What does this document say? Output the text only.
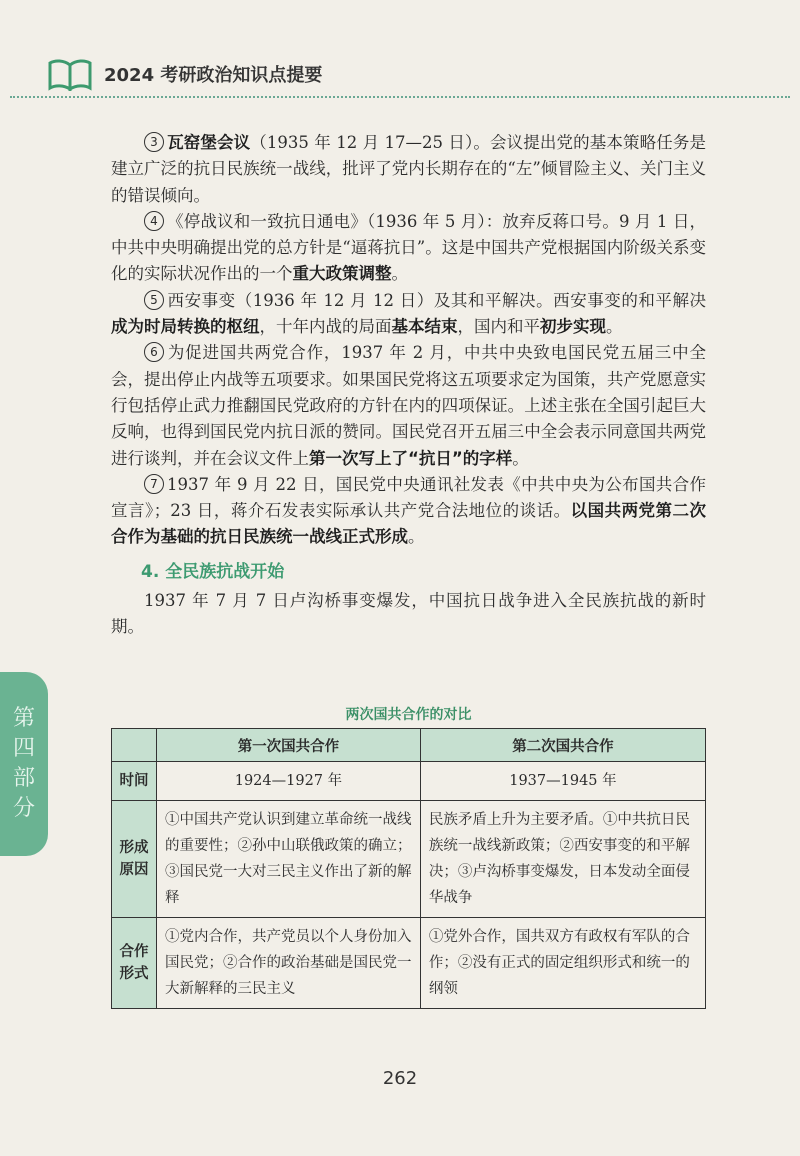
2024 考研政治知识点提要

3 瓦窑堡会议（1935 年 12 月 17—25 日）。会议提出党的基本策略任务是建立广泛的抗日民族统一战线，批评了党内长期存在的“左”倾冒险主义、关门主义的错误倾向。

4 《停战议和一致抗日通电》（1936 年 5 月）：放弃反蒋口号。9 月 1 日，中共中央明确提出党的总方针是“逼蒋抗日”。这是中国共产党根据国内阶级关系变化的实际状况作出的一个重大政策调整。

5 西安事变（1936 年 12 月 12 日）及其和平解决。西安事变的和平解决成为时局转换的枢纽，十年内战的局面基本结束，国内和平初步实现。

6 为促进国共两党合作，1937 年 2 月，中共中央致电国民党五届三中全会，提出停止内战等五项要求。如果国民党将这五项要求定为国策，共产党愿意实行包括停止武力推翻国民党政府的方针在内的四项保证。上述主张在全国引起巨大反响，也得到国民党内抗日派的赞同。国民党召开五届三中全会表示同意国共两党进行谈判，并在会议文件上第一次写上了“抗日”的字样。

7 1937 年 9 月 22 日，国民党中央通讯社发表《中共中央为公布国共合作宣言》；23 日，蒋介石发表实际承认共产党合法地位的谈话。以国共两党第二次合作为基础的抗日民族统一战线正式形成。

4. 全民族抗战开始

1937 年 7 月 7 日卢沟桥事变爆发，中国抗日战争进入全民族抗战的新时期。

第
四
部
分
两次国共合作的对比
	第一次国共合作	第二次国共合作
时间	1924—1927 年	1937—1945 年
形成原因	①中国共产党认识到建立革命统一战线的重要性；②孙中山联俄政策的确立；③国民党一大对三民主义作出了新的解释	民族矛盾上升为主要矛盾。①中共抗日民族统一战线新政策；②西安事变的和平解决；③卢沟桥事变爆发，日本发动全面侵华战争
合作形式	①党内合作，共产党员以个人身份加入国民党；②合作的政治基础是国民党一大新解释的三民主义	①党外合作，国共双方有政权有军队的合作；②没有正式的固定组织形式和统一的纲领
262
